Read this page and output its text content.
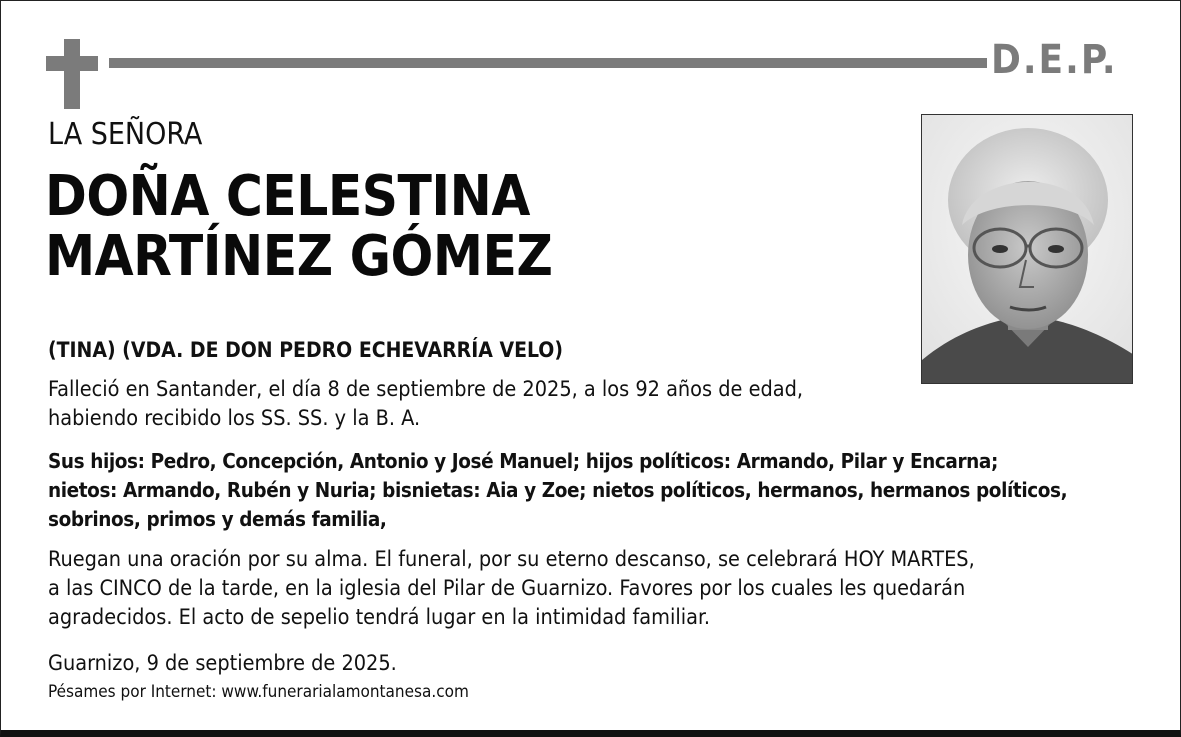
D.E.P.
LA SEÑORA
DOÑA CELESTINA
MARTÍNEZ GÓMEZ
(TINA) (VDA. DE DON PEDRO ECHEVARRÍA VELO)
Falleció en Santander, el día 8 de septiembre de 2025, a los 92 años de edad,
habiendo recibido los SS. SS. y la B. A.
Sus hijos: Pedro, Concepción, Antonio y José Manuel; hijos políticos: Armando, Pilar y Encarna;
nietos: Armando, Rubén y Nuria; bisnietas: Aia y Zoe; nietos políticos, hermanos, hermanos políticos,
sobrinos, primos y demás familia,
Ruegan una oración por su alma. El funeral, por su eterno descanso, se celebrará HOY MARTES,
a las CINCO de la tarde, en la iglesia del Pilar de Guarnizo. Favores por los cuales les quedarán
agradecidos. El acto de sepelio tendrá lugar en la intimidad familiar.
Guarnizo, 9 de septiembre de 2025.
Pésames por Internet: www.funerarialamontanesa.com
